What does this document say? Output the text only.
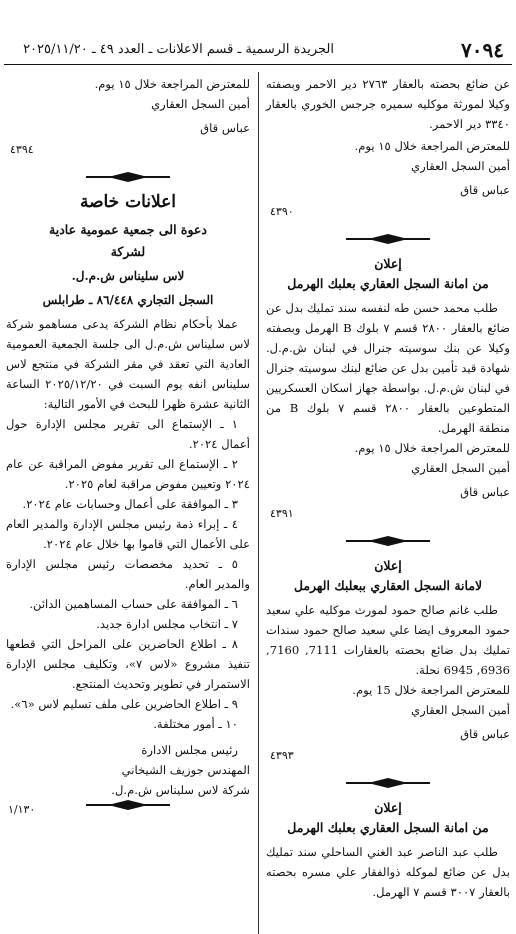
٧٠٩٤
الجريدة الرسمية ـ قسم الاعلانات ـ العدد ٤٩ ـ ٢٠٢٥/١١/٢٠

عن ضائع بحصته بالعقار ٢٧٦٣ دير الاحمر وبصفته وكيلا لمورثة موكليه سميره جرجس الخوري بالعقار ٣٣٤٠ دير الاحمر.

للمعترض المراجعة خلال ١٥ يوم.

أمين السجل العقاري

عباس قاق

٤٣٩٠

إعلان

من امانة السجل العقاري بعلبك الهرمل

طلب محمد حسن طه لنفسه سند تمليك بدل عن ضائع بالعقار ٢٨٠٠ قسم ٧ بلوك B الهرمل وبصفته وكيلا عن بنك سوسيته جنرال في لبنان ش.م.ل. شهادة قيد تأمين بدل عن ضائع لبنك سوسيته جنرال في لبنان ش.م.ل. بواسطة جهاز اسكان العسكريين المتطوعين بالعقار ٢٨٠٠ قسم ٧ بلوك B من منطقة الهرمل.

للمعترض المراجعة خلال ١٥ يوم.

أمين السجل العقاري

عباس قاق

٤٣٩١

إعلان

لامانة السجل العقاري ببعلبك الهرمل

طلب غانم صالح حمود لمورث موكليه علي سعيد حمود المعروف ايضا علي سعيد صالح حمود سندات تمليك بدل ضائع بحصته بالعقارات 7111, 7160, 6936, 6945 نحلة.

للمعترض المراجعة خلال 15 يوم.

أمين السجل العقاري

عباس قاق

٤٣٩٣

إعلان

من امانة السجل العقاري بعلبك الهرمل

طلب عبد الناصر عبد الغني الساحلي سند تمليك بدل عن ضائع لموكله ذوالفقار علي مسره بحصته بالعقار ٣٠٠٧ قسم ٧ الهرمل.

للمعترض المراجعة خلال ١٥ يوم.

أمين السجل العقاري

عباس قاق

٤٣٩٤

اعلانات خاصة

دعوة الى جمعية عمومية عادية

لشركة

لاس سليناس ش.م.ل.

السجل التجاري ٨٦/٤٤٨ ـ طرابلس

عملا بأحكام نظام الشركة يدعى مساهمو شركة لاس سليناس ش.م.ل الى جلسة الجمعية العمومية العادية التي تعقد في مقر الشركة في منتجع لاس سليناس انفه يوم السبت في ٢٠٢٥/١٢/٢٠ الساعة الثانية عشرة ظهرا للبحث في الأمور التالية:

١ ـ الإستماع الى تقرير مجلس الإدارة حول أعمال ٢٠٢٤.

٢ ـ الإستماع الى تقرير مفوض المراقبة عن عام ٢٠٢٤ وتعيين مفوض مراقبة لعام ٢٠٢٥.

٣ ـ الموافقة على أعمال وحسابات عام ٢٠٢٤.

٤ ـ إبراء ذمة رئيس مجلس الإدارة والمدير العام على الأعمال التي قاموا بها خلال عام ٢٠٢٤.

٥ ـ تحديد مخصصات رئيس مجلس الإدارة والمدير العام.

٦ ـ الموافقة على حساب المساهمين الدائن.

٧ ـ انتخاب مجلس ادارة جديد.

٨ ـ اطلاع الحاضرين على المراحل التي قطعها تنفيذ مشروع «لاس ٧»، وتكليف مجلس الإدارة الاستمرار في تطوير وتحديث المنتجع.

٩ ـ اطلاع الحاضرين على ملف تسليم لاس «٦».

١٠ ـ أمور مختلفة.

رئيس مجلس الادارة

المهندس جوزيف الشيخاني

شركة لاس سليناس ش.م.ل.

١/١٣٠
